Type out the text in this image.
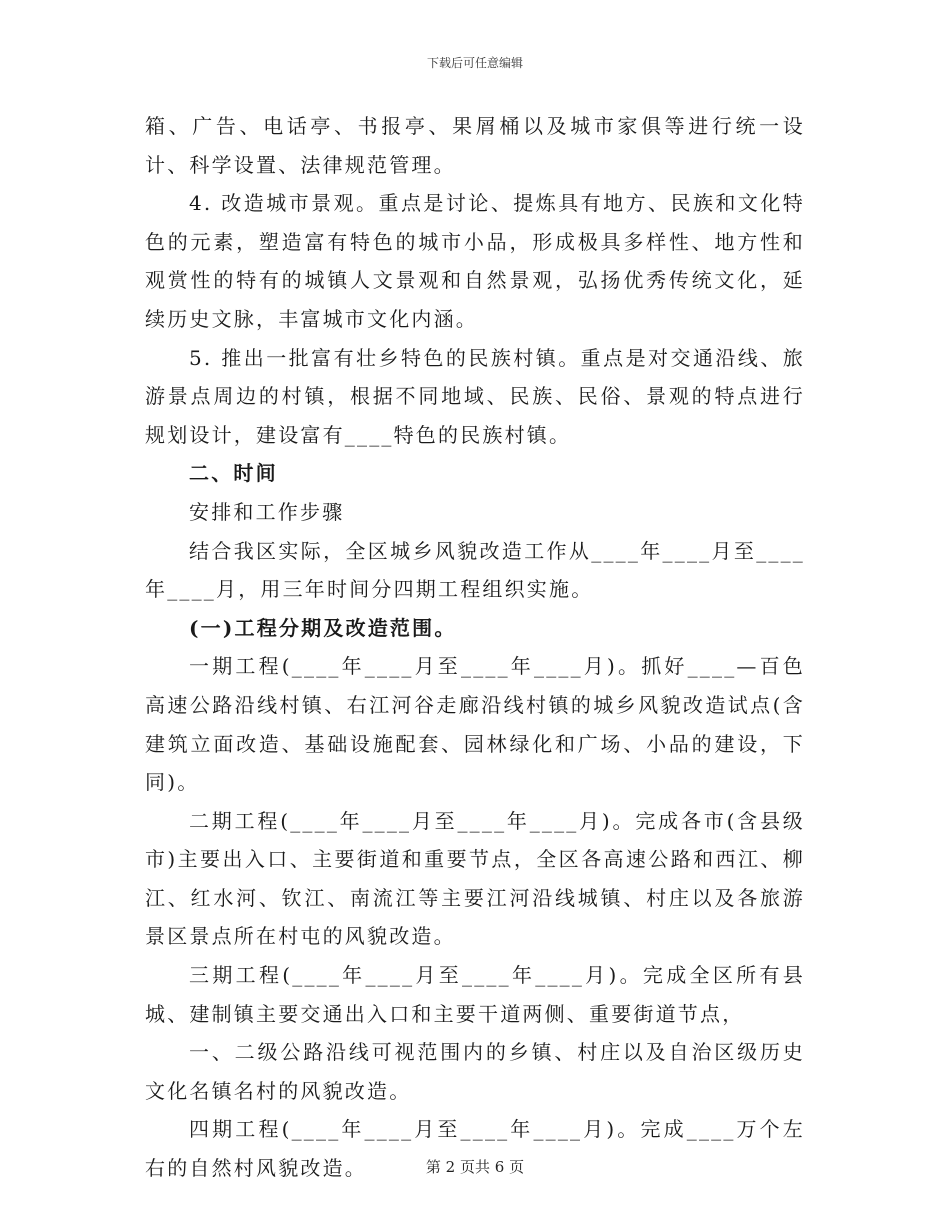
下载后可任意编辑

箱、广告、电话亭、书报亭、果屑桶以及城市家俱等进行统一设计、科学设置、法律规范管理。

4. 改造城市景观。重点是讨论、提炼具有地方、民族和文化特色的元素，塑造富有特色的城市小品，形成极具多样性、地方性和观赏性的特有的城镇人文景观和自然景观，弘扬优秀传统文化，延续历史文脉，丰富城市文化内涵。

5. 推出一批富有壮乡特色的民族村镇。重点是对交通沿线、旅游景点周边的村镇，根据不同地域、民族、民俗、景观的特点进行规划设计，建设富有____特色的民族村镇。

二、时间

安排和工作步骤

结合我区实际，全区城乡风貌改造工作从____年____月至____年____月，用三年时间分四期工程组织实施。

(一)工程分期及改造范围。

一期工程(____年____月至____年____月)。抓好____—百色高速公路沿线村镇、右江河谷走廊沿线村镇的城乡风貌改造试点(含建筑立面改造、基础设施配套、园林绿化和广场、小品的建设，下同)。

二期工程(____年____月至____年____月)。完成各市(含县级市)主要出入口、主要街道和重要节点，全区各高速公路和西江、柳江、红水河、钦江、南流江等主要江河沿线城镇、村庄以及各旅游景区景点所在村屯的风貌改造。

三期工程(____年____月至____年____月)。完成全区所有县城、建制镇主要交通出入口和主要干道两侧、重要街道节点，

一、二级公路沿线可视范围内的乡镇、村庄以及自治区级历史文化名镇名村的风貌改造。

四期工程(____年____月至____年____月)。完成____万个左右的自然村风貌改造。	第 2 页共 6 页
